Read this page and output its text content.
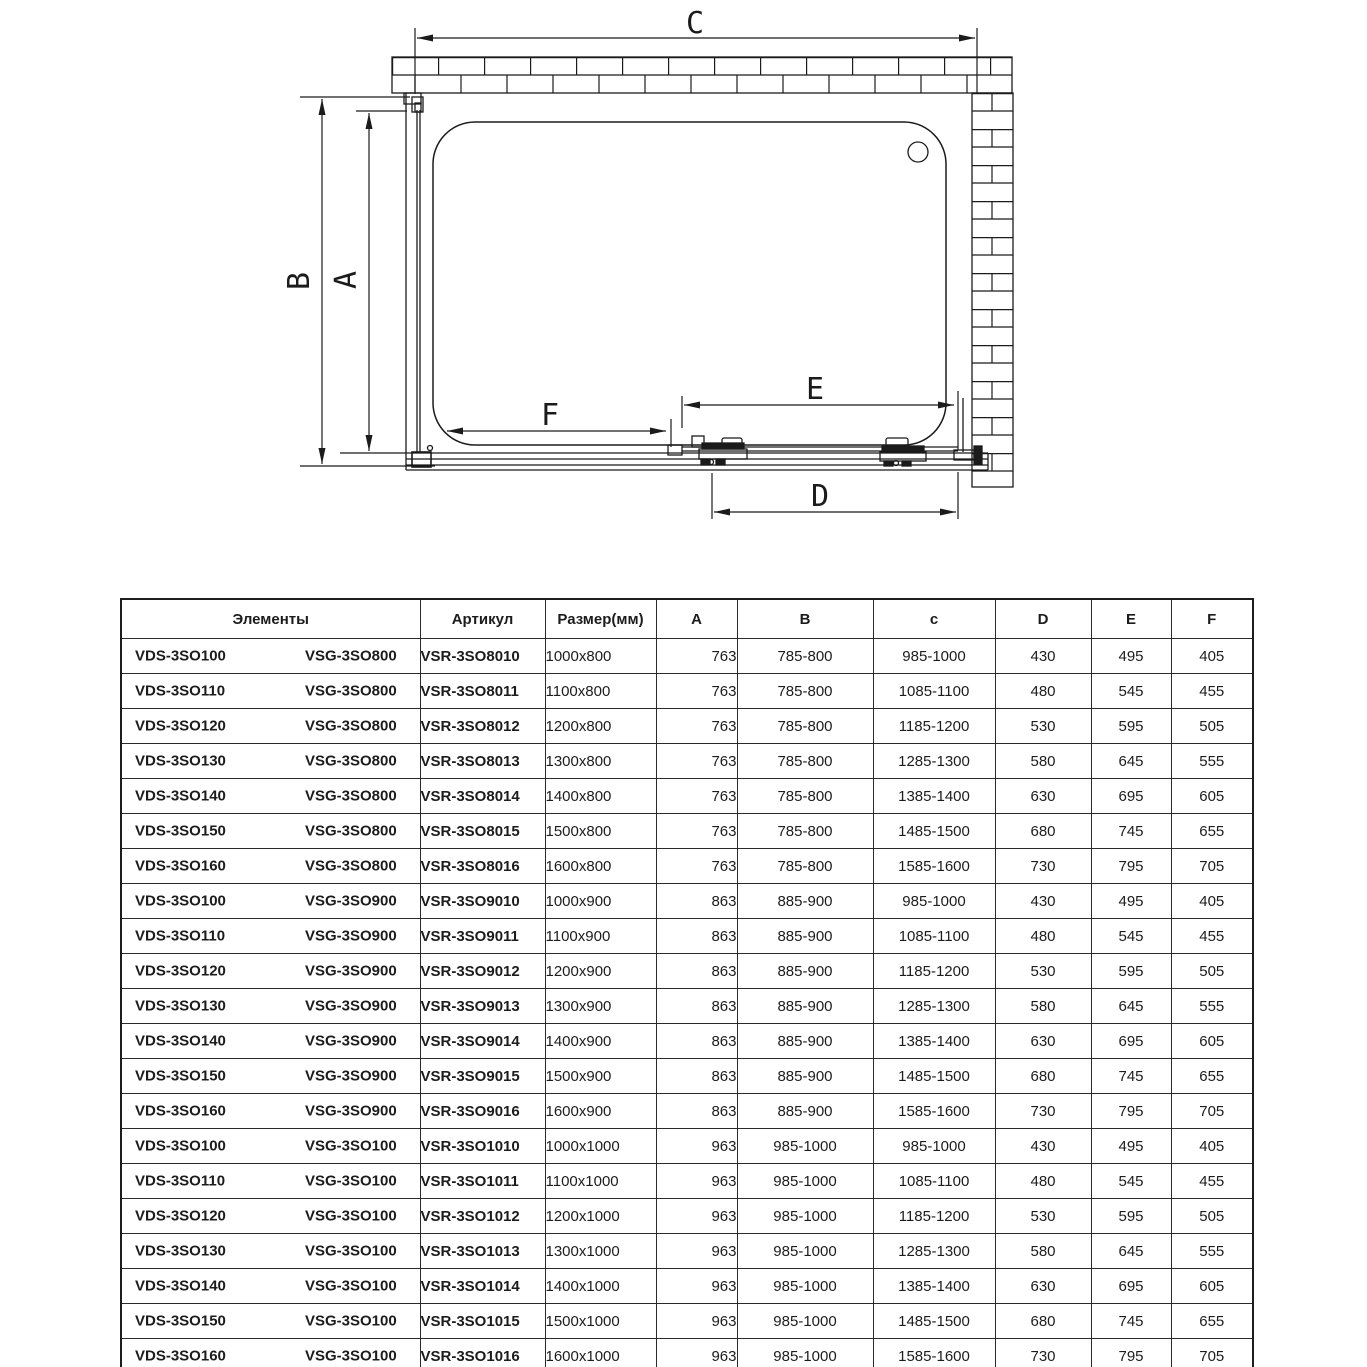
C
B A
E
F
D
Элементы	Артикул	Размер(мм)	A	B	c	D	E	F

VDS-3SO100 VSG-3SO800	VSR-3SO8010	1000x800	763	785-800	985-1000	430	495	405

VDS-3SO110 VSG-3SO800	VSR-3SO8011	1100x800	763	785-800	1085-1100	480	545	455

VDS-3SO120 VSG-3SO800	VSR-3SO8012	1200x800	763	785-800	1185-1200	530	595	505

VDS-3SO130 VSG-3SO800	VSR-3SO8013	1300x800	763	785-800	1285-1300	580	645	555

VDS-3SO140 VSG-3SO800	VSR-3SO8014	1400x800	763	785-800	1385-1400	630	695	605

VDS-3SO150 VSG-3SO800	VSR-3SO8015	1500x800	763	785-800	1485-1500	680	745	655

VDS-3SO160 VSG-3SO800	VSR-3SO8016	1600x800	763	785-800	1585-1600	730	795	705

VDS-3SO100 VSG-3SO900	VSR-3SO9010	1000x900	863	885-900	985-1000	430	495	405

VDS-3SO110 VSG-3SO900	VSR-3SO9011	1100x900	863	885-900	1085-1100	480	545	455

VDS-3SO120 VSG-3SO900	VSR-3SO9012	1200x900	863	885-900	1185-1200	530	595	505

VDS-3SO130 VSG-3SO900	VSR-3SO9013	1300x900	863	885-900	1285-1300	580	645	555

VDS-3SO140 VSG-3SO900	VSR-3SO9014	1400x900	863	885-900	1385-1400	630	695	605

VDS-3SO150 VSG-3SO900	VSR-3SO9015	1500x900	863	885-900	1485-1500	680	745	655

VDS-3SO160 VSG-3SO900	VSR-3SO9016	1600x900	863	885-900	1585-1600	730	795	705

VDS-3SO100 VSG-3SO100	VSR-3SO1010	1000x1000	963	985-1000	985-1000	430	495	405

VDS-3SO110 VSG-3SO100	VSR-3SO1011	1100x1000	963	985-1000	1085-1100	480	545	455

VDS-3SO120 VSG-3SO100	VSR-3SO1012	1200x1000	963	985-1000	1185-1200	530	595	505

VDS-3SO130 VSG-3SO100	VSR-3SO1013	1300x1000	963	985-1000	1285-1300	580	645	555

VDS-3SO140 VSG-3SO100	VSR-3SO1014	1400x1000	963	985-1000	1385-1400	630	695	605

VDS-3SO150 VSG-3SO100	VSR-3SO1015	1500x1000	963	985-1000	1485-1500	680	745	655

VDS-3SO160 VSG-3SO100	VSR-3SO1016	1600x1000	963	985-1000	1585-1600	730	795	705
